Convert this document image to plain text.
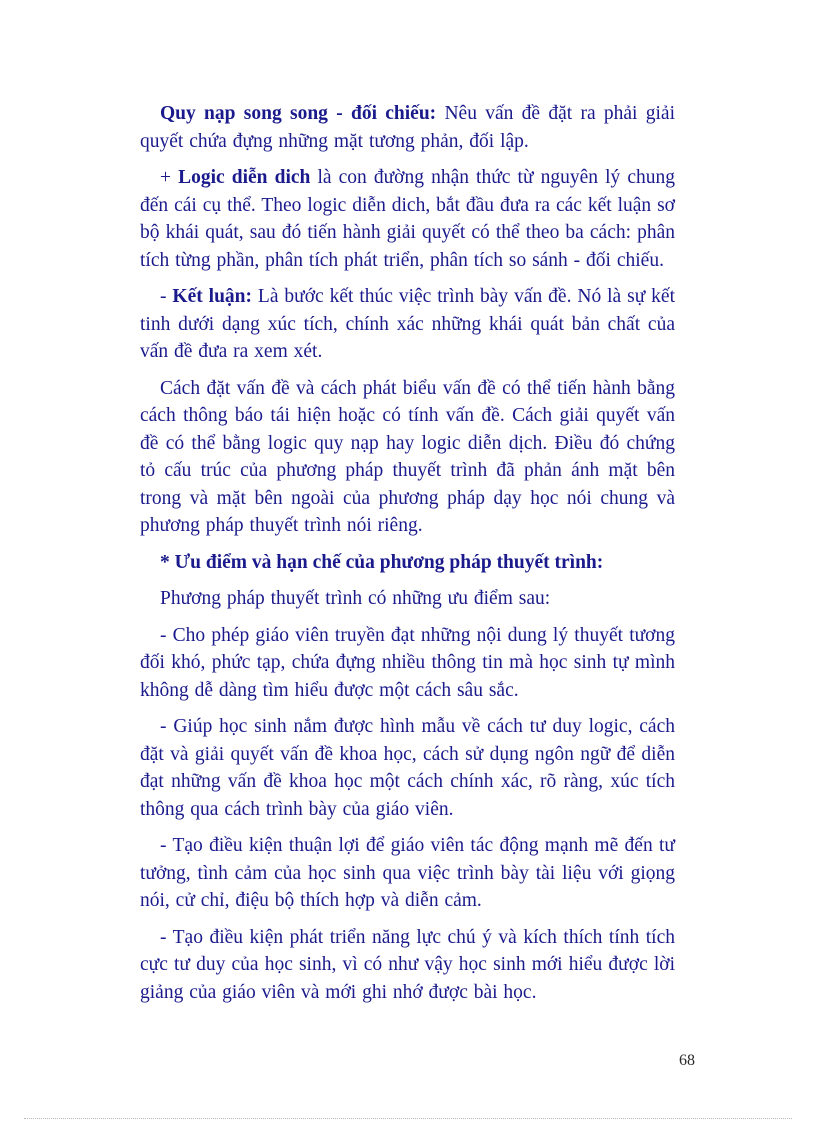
Quy nạp song song - đối chiếu: Nêu vấn đề đặt ra phải giải quyết chứa đựng những mặt tương phản, đối lập.

+ Logic diễn dich là con đường nhận thức từ nguyên lý chung đến cái cụ thể. Theo logic diễn dich, bắt đầu đưa ra các kết luận sơ bộ khái quát, sau đó tiến hành giải quyết có thể theo ba cách: phân tích từng phần, phân tích phát triển, phân tích so sánh - đối chiếu.

- Kết luận: Là bước kết thúc việc trình bày vấn đề. Nó là sự kết tinh dưới dạng xúc tích, chính xác những khái quát bản chất của vấn đề đưa ra xem xét.

Cách đặt vấn đề và cách phát biểu vấn đề có thể tiến hành bằng cách thông báo tái hiện hoặc có tính vấn đề. Cách giải quyết vấn đề có thể bằng logic quy nạp hay logic diễn dịch. Điều đó chứng tỏ cấu trúc của phương pháp thuyết trình đã phản ánh mặt bên trong và mặt bên ngoài của phương pháp dạy học nói chung và phương pháp thuyết trình nói riêng.

* Ưu điểm và hạn chế của phương pháp thuyết trình:

Phương pháp thuyết trình có những ưu điểm sau:

- Cho phép giáo viên truyền đạt những nội dung lý thuyết tương đối khó, phức tạp, chứa đựng nhiều thông tin mà học sinh tự mình không dễ dàng tìm hiểu được một cách sâu sắc.

- Giúp học sinh nắm được hình mẫu về cách tư duy logic, cách đặt và giải quyết vấn đề khoa học, cách sử dụng ngôn ngữ để diễn đạt những vấn đề khoa học một cách chính xác, rõ ràng, xúc tích thông qua cách trình bày của giáo viên.

- Tạo điều kiện thuận lợi để giáo viên tác động mạnh mẽ đến tư tưởng, tình cảm của học sinh qua việc trình bày tài liệu với giọng nói, cử chỉ, điệu bộ thích hợp và diễn cảm.

- Tạo điều kiện phát triển năng lực chú ý và kích thích tính tích cực tư duy của học sinh, vì có như vậy học sinh mới hiểu được lời giảng của giáo viên và mới ghi nhớ được bài học.

68
